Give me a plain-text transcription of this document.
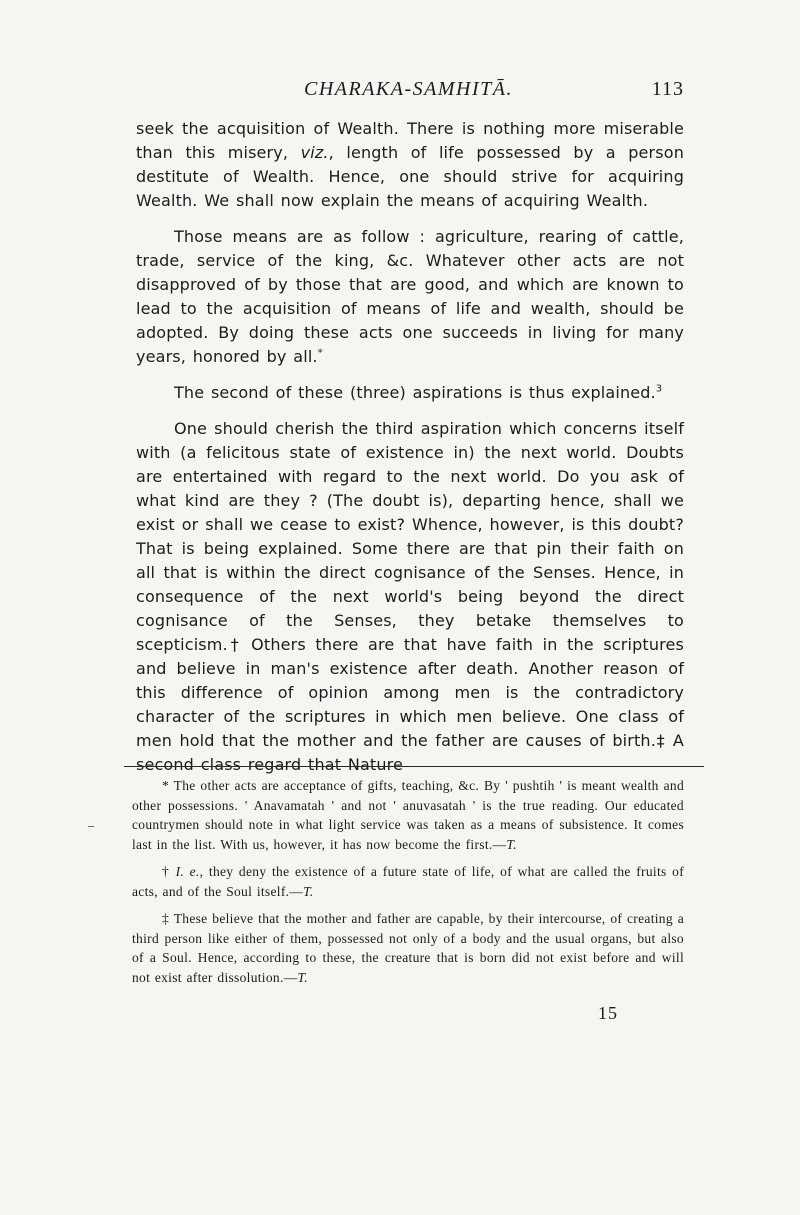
CHARAKA-SAMHITĀ.	113

seek the acquisition of Wealth. There is nothing more miserable than this misery, viz., length of life possessed by a person destitute of Wealth. Hence, one should strive for acquiring Wealth. We shall now explain the means of acquiring Wealth.

Those means are as follow : agriculture, rearing of cattle, trade, service of the king, &c. Whatever other acts are not disapproved of by those that are good, and which are known to lead to the acquisition of means of life and wealth, should be adopted. By doing these acts one succeeds in living for many years, honored by all.*

The second of these (three) aspirations is thus explained.$^3$

One should cherish the third aspiration which concerns itself with (a felicitous state of existence in) the next world. Doubts are entertained with regard to the next world. Do you ask of what kind are they ? (The doubt is), departing hence, shall we exist or shall we cease to exist? Whence, however, is this doubt? That is being explained. Some there are that pin their faith on all that is within the direct cognisance of the Senses. Hence, in consequence of the next world's being beyond the direct cognisance of the Senses, they betake themselves to scepticism.† Others there are that have faith in the scriptures and believe in man's existence after death. Another reason of this difference of opinion among men is the contradictory character of the scriptures in which men believe. One class of men hold that the mother and the father are causes of birth.‡ A second class regard that Nature

* The other acts are acceptance of gifts, teaching, &c. By ' pushtih ' is meant wealth and other possessions. ' Anavamatah ' and not ' anuvasatah ' is the true reading. Our educated countrymen should note in what light service was taken as a means of subsistence. It comes last in the list. With us, however, it has now become the first.—T.

† I. e., they deny the existence of a future state of life, of what are called the fruits of acts, and of the Soul itself.—T.

‡ These believe that the mother and father are capable, by their intercourse, of creating a third person like either of them, possessed not only of a body and the usual organs, but also of a Soul. Hence, according to these, the creature that is born did not exist before and will not exist after dissolution.—T.

15
